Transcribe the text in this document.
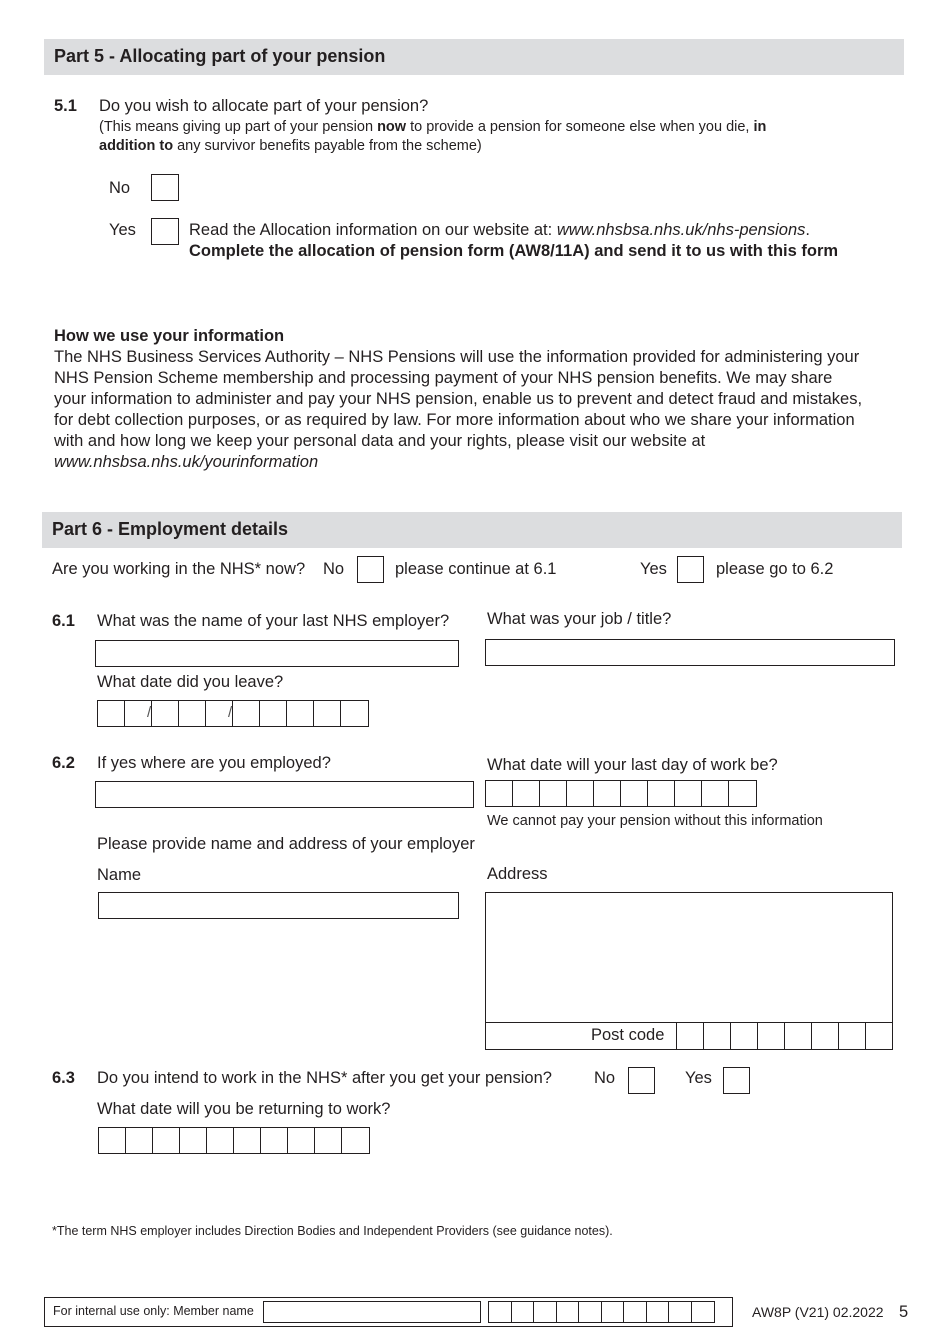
Part 5 - Allocating part of your pension
5.1 Do you wish to allocate part of your pension?
(This means giving up part of your pension now to provide a pension for someone else when you die, in
addition to any survivor benefits payable from the scheme)
No
Yes	Read the Allocation information on our website at: www.nhsbsa.nhs.uk/nhs-pensions.
Complete the allocation of pension form (AW8/11A) and send it to us with this form
How we use your information
The NHS Business Services Authority – NHS Pensions will use the information provided for administering your
NHS Pension Scheme membership and processing payment of your NHS pension benefits. We may share
your information to administer and pay your NHS pension, enable us to prevent and detect fraud and mistakes,
for debt collection purposes, or as required by law. For more information about who we share your information
with and how long we keep your personal data and your rights, please visit our website at
www.nhsbsa.nhs.uk/yourinformation
Part 6 - Employment details
Are you working in the NHS* now? No	please continue at 6.1	Yes	please go to 6.2
6.1 What was the name of your last NHS employer? What was your job / title?
What date did you leave?
/
/
6.2 If yes where are you employed?	What date will your last day of work be?
We cannot pay your pension without this information
Please provide name and address of your employer
Name	Address
Post code
6.3 Do you intend to work in the NHS* after you get your pension?	No	Yes
What date will you be returning to work?
*The term NHS employer includes Direction Bodies and Independent Providers (see guidance notes).
For internal use only: Member name	AW8P (V21) 02.2022 5
